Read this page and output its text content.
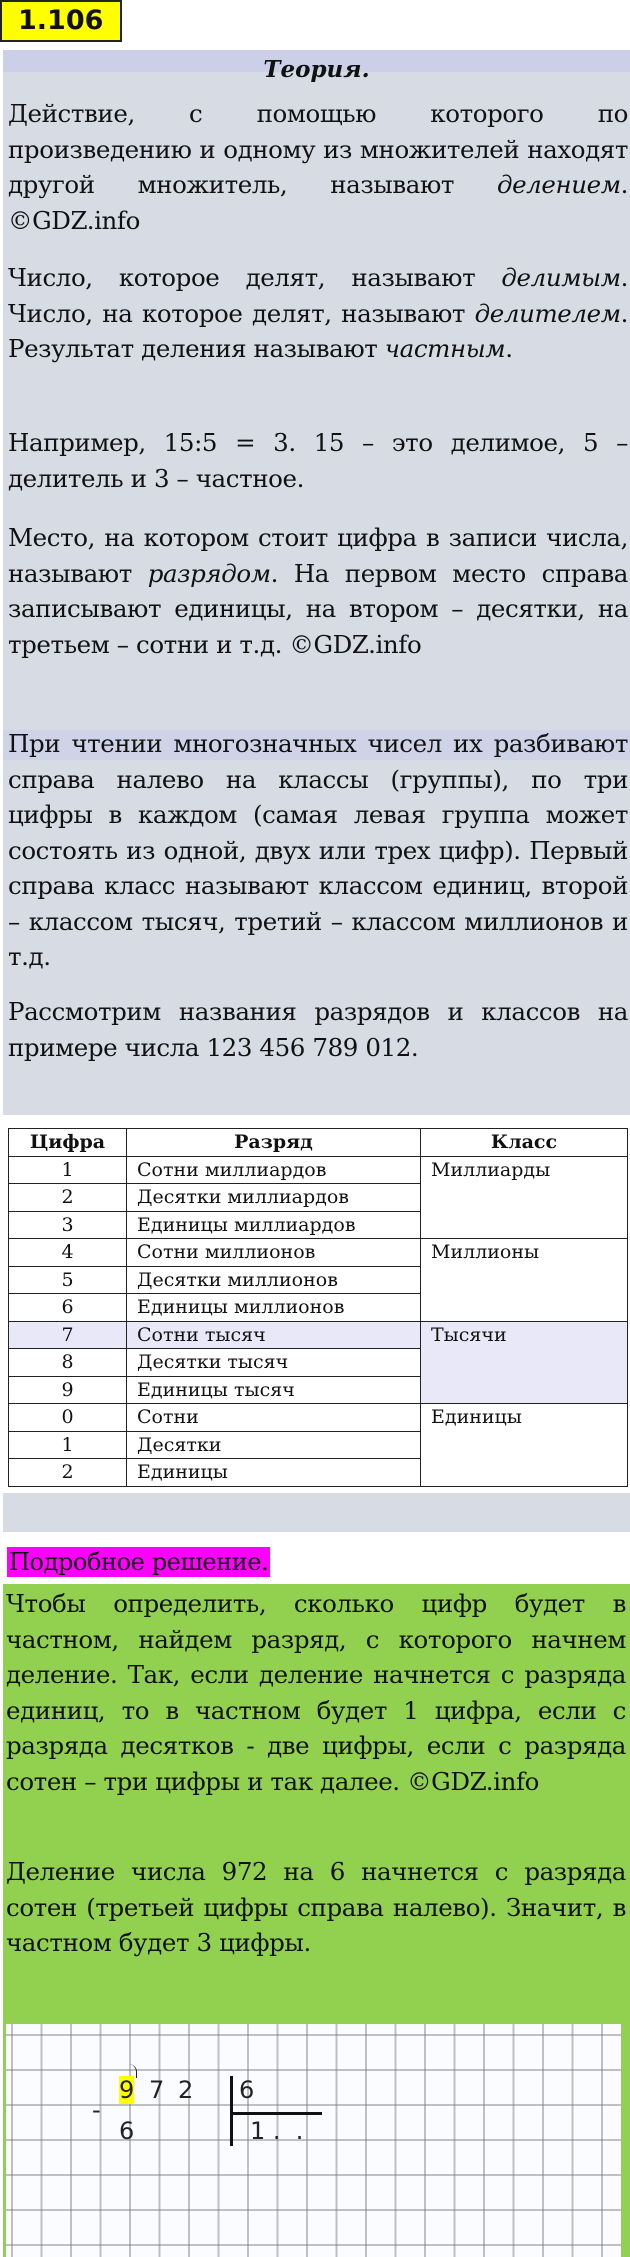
1.106
Теория.

Действие, с помощью которого по произведению и одному из множителей находят другой множитель, называют делением. ©GDZ.info

Число, которое делят, называют делимым. Число, на которое делят, называют делителем. Результат деления называют частным.

Например, 15:5 = 3. 15 – это делимое, 5 – делитель и 3 – частное.

Место, на котором стоит цифра в записи числа, называют разрядом. На первом место справа записывают единицы, на втором – десятки, на третьем – сотни и т.д. ©GDZ.info

При чтении многозначных чисел их разбивают справа налево на классы (группы), по три цифры в каждом (самая левая группа может состоять из одной, двух или трех цифр). Первый справа класс называют классом единиц, второй – классом тысяч, третий – классом миллионов и т.д.

Рассмотрим названия разрядов и классов на примере числа 123 456 789 012.

Цифра	Разряд	Класс
1	Сотни миллиардов	Миллиарды
2	Десятки миллиардов	
3	Единицы миллиардов	
4	Сотни миллионов	Миллионы
5	Десятки миллионов	
6	Единицы миллионов	
7	Сотни тысяч	Тысячи
8	Десятки тысяч	
9	Единицы тысяч	
0	Сотни	Единицы
1	Десятки	
2	Единицы	
Подробное решение.

Чтобы определить, сколько цифр будет в частном, найдем разряд, с которого начнем деление. Так, если деление начнется с разряда единиц, то в частном будет 1 цифра, если с разряда десятков - две цифры, если с разряда сотен – три цифры и так далее. ©GDZ.info

Деление числа 972 на 6 начнется с разряда сотен (третьей цифры справа налево). Значит, в частном будет 3 цифры.

-
9 7 2 6
6	1 .  .
